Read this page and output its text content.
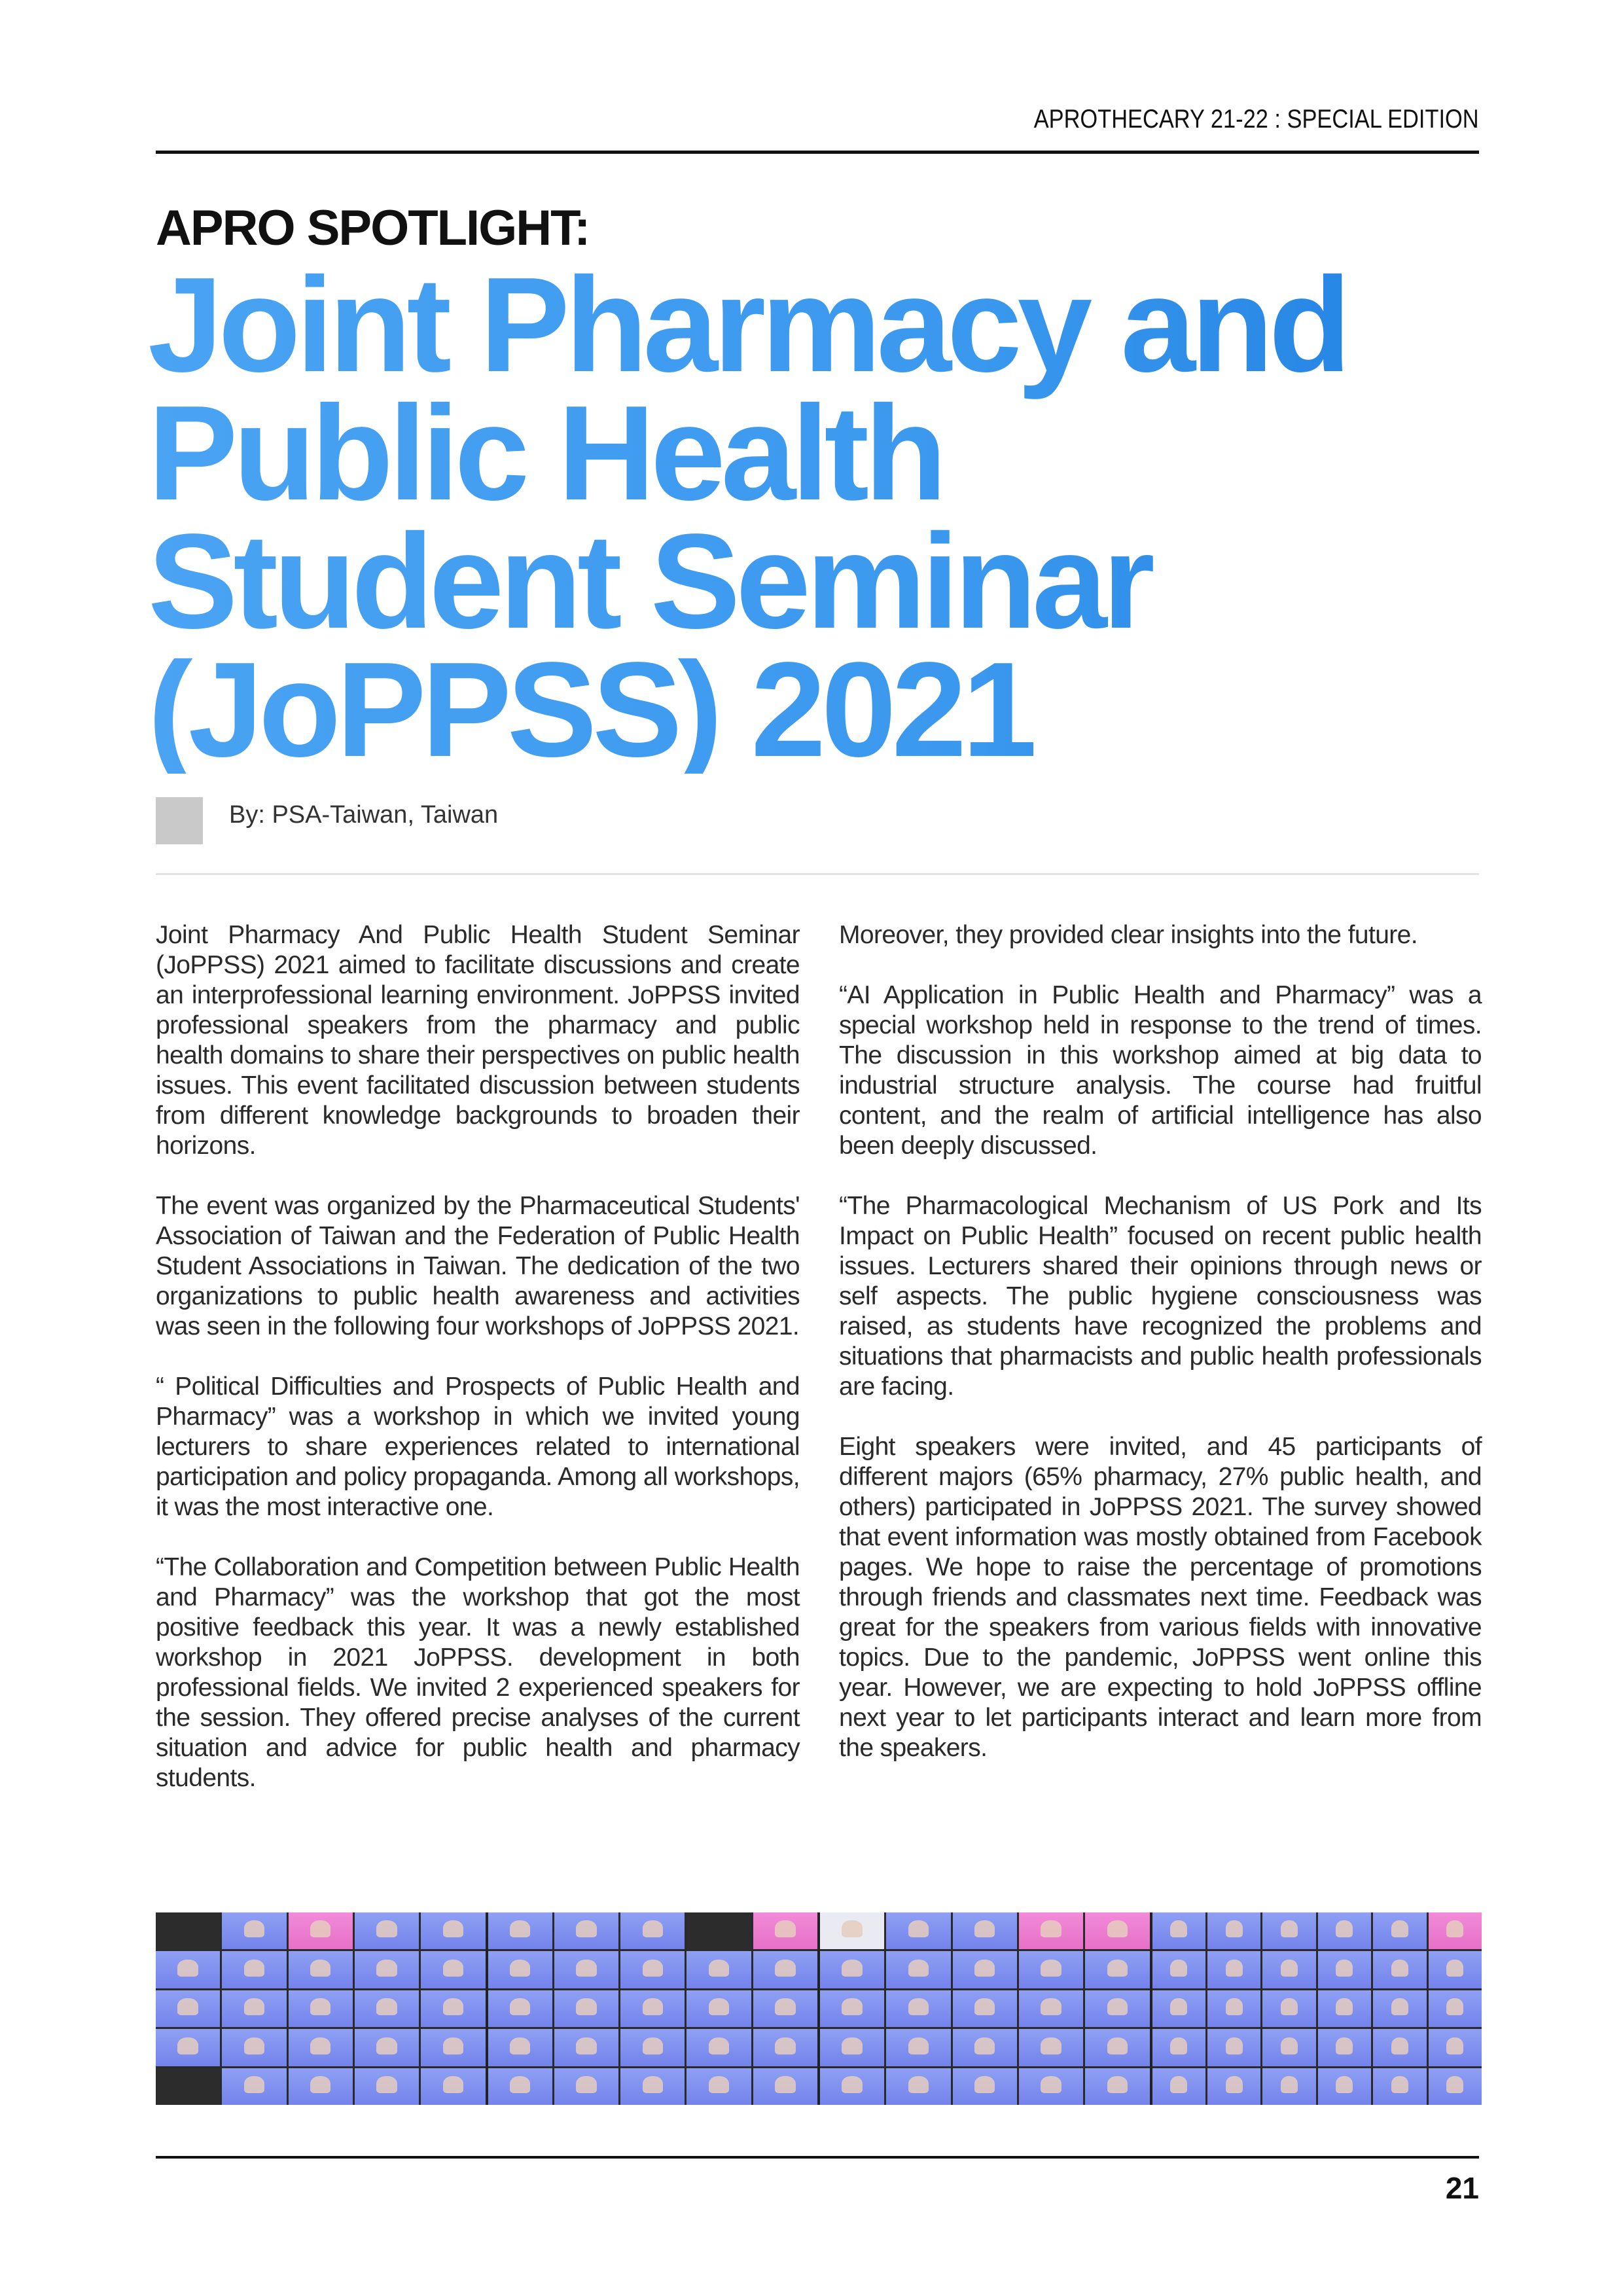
APROTHECARY 21-22 : SPECIAL EDITION
APRO SPOTLIGHT:
Joint Pharmacy and
Public Health
Student Seminar
(JoPPSS) 2021
By: PSA-Taiwan, Taiwan

Joint Pharmacy And Public Health Student Seminar (JoPPSS) 2021 aimed to facilitate discussions and create an interprofessional learning environment. JoPPSS invited professional speakers from the pharmacy and public health domains to share their perspectives on public health issues. This event facilitated discussion between students from different knowledge backgrounds to broaden their horizons.

The event was organized by the Pharmaceutical Students' Association of Taiwan and the Federation of Public Health Student Associations in Taiwan. The dedication of the two organizations to public health awareness and activities was seen in the following four workshops of JoPPSS 2021.

“ Political Difficulties and Prospects of Public Health and Pharmacy” was a workshop in which we invited young lecturers to share experiences related to international participation and policy propaganda. Among all workshops, it was the most interactive one.

“The Collaboration and Competition between Public Health and Pharmacy” was the workshop that got the most positive feedback this year. It was a newly established workshop in 2021 JoPPSS. development in both professional fields. We invited 2 experienced speakers for the session. They offered precise analyses of the current situation and advice for public health and pharmacy students.

Moreover, they provided clear insights into the future.

“AI Application in Public Health and Pharmacy” was a special workshop held in response to the trend of times. The discussion in this workshop aimed at big data to industrial structure analysis. The course had fruitful content, and the realm of artificial intelligence has also been deeply discussed.

“The Pharmacological Mechanism of US Pork and Its Impact on Public Health” focused on recent public health issues. Lecturers shared their opinions through news or self aspects. The public hygiene consciousness was raised, as students have recognized the problems and situations that pharmacists and public health professionals are facing.

Eight speakers were invited, and 45 participants of different majors (65% pharmacy, 27% public health, and others) participated in JoPPSS 2021. The survey showed that event information was mostly obtained from Facebook pages. We hope to raise the percentage of promotions through friends and classmates next time. Feedback was great for the speakers from various fields with innovative topics. Due to the pandemic, JoPPSS went online this year. However, we are expecting to hold JoPPSS offline next year to let participants interact and learn more from the speakers.

21
